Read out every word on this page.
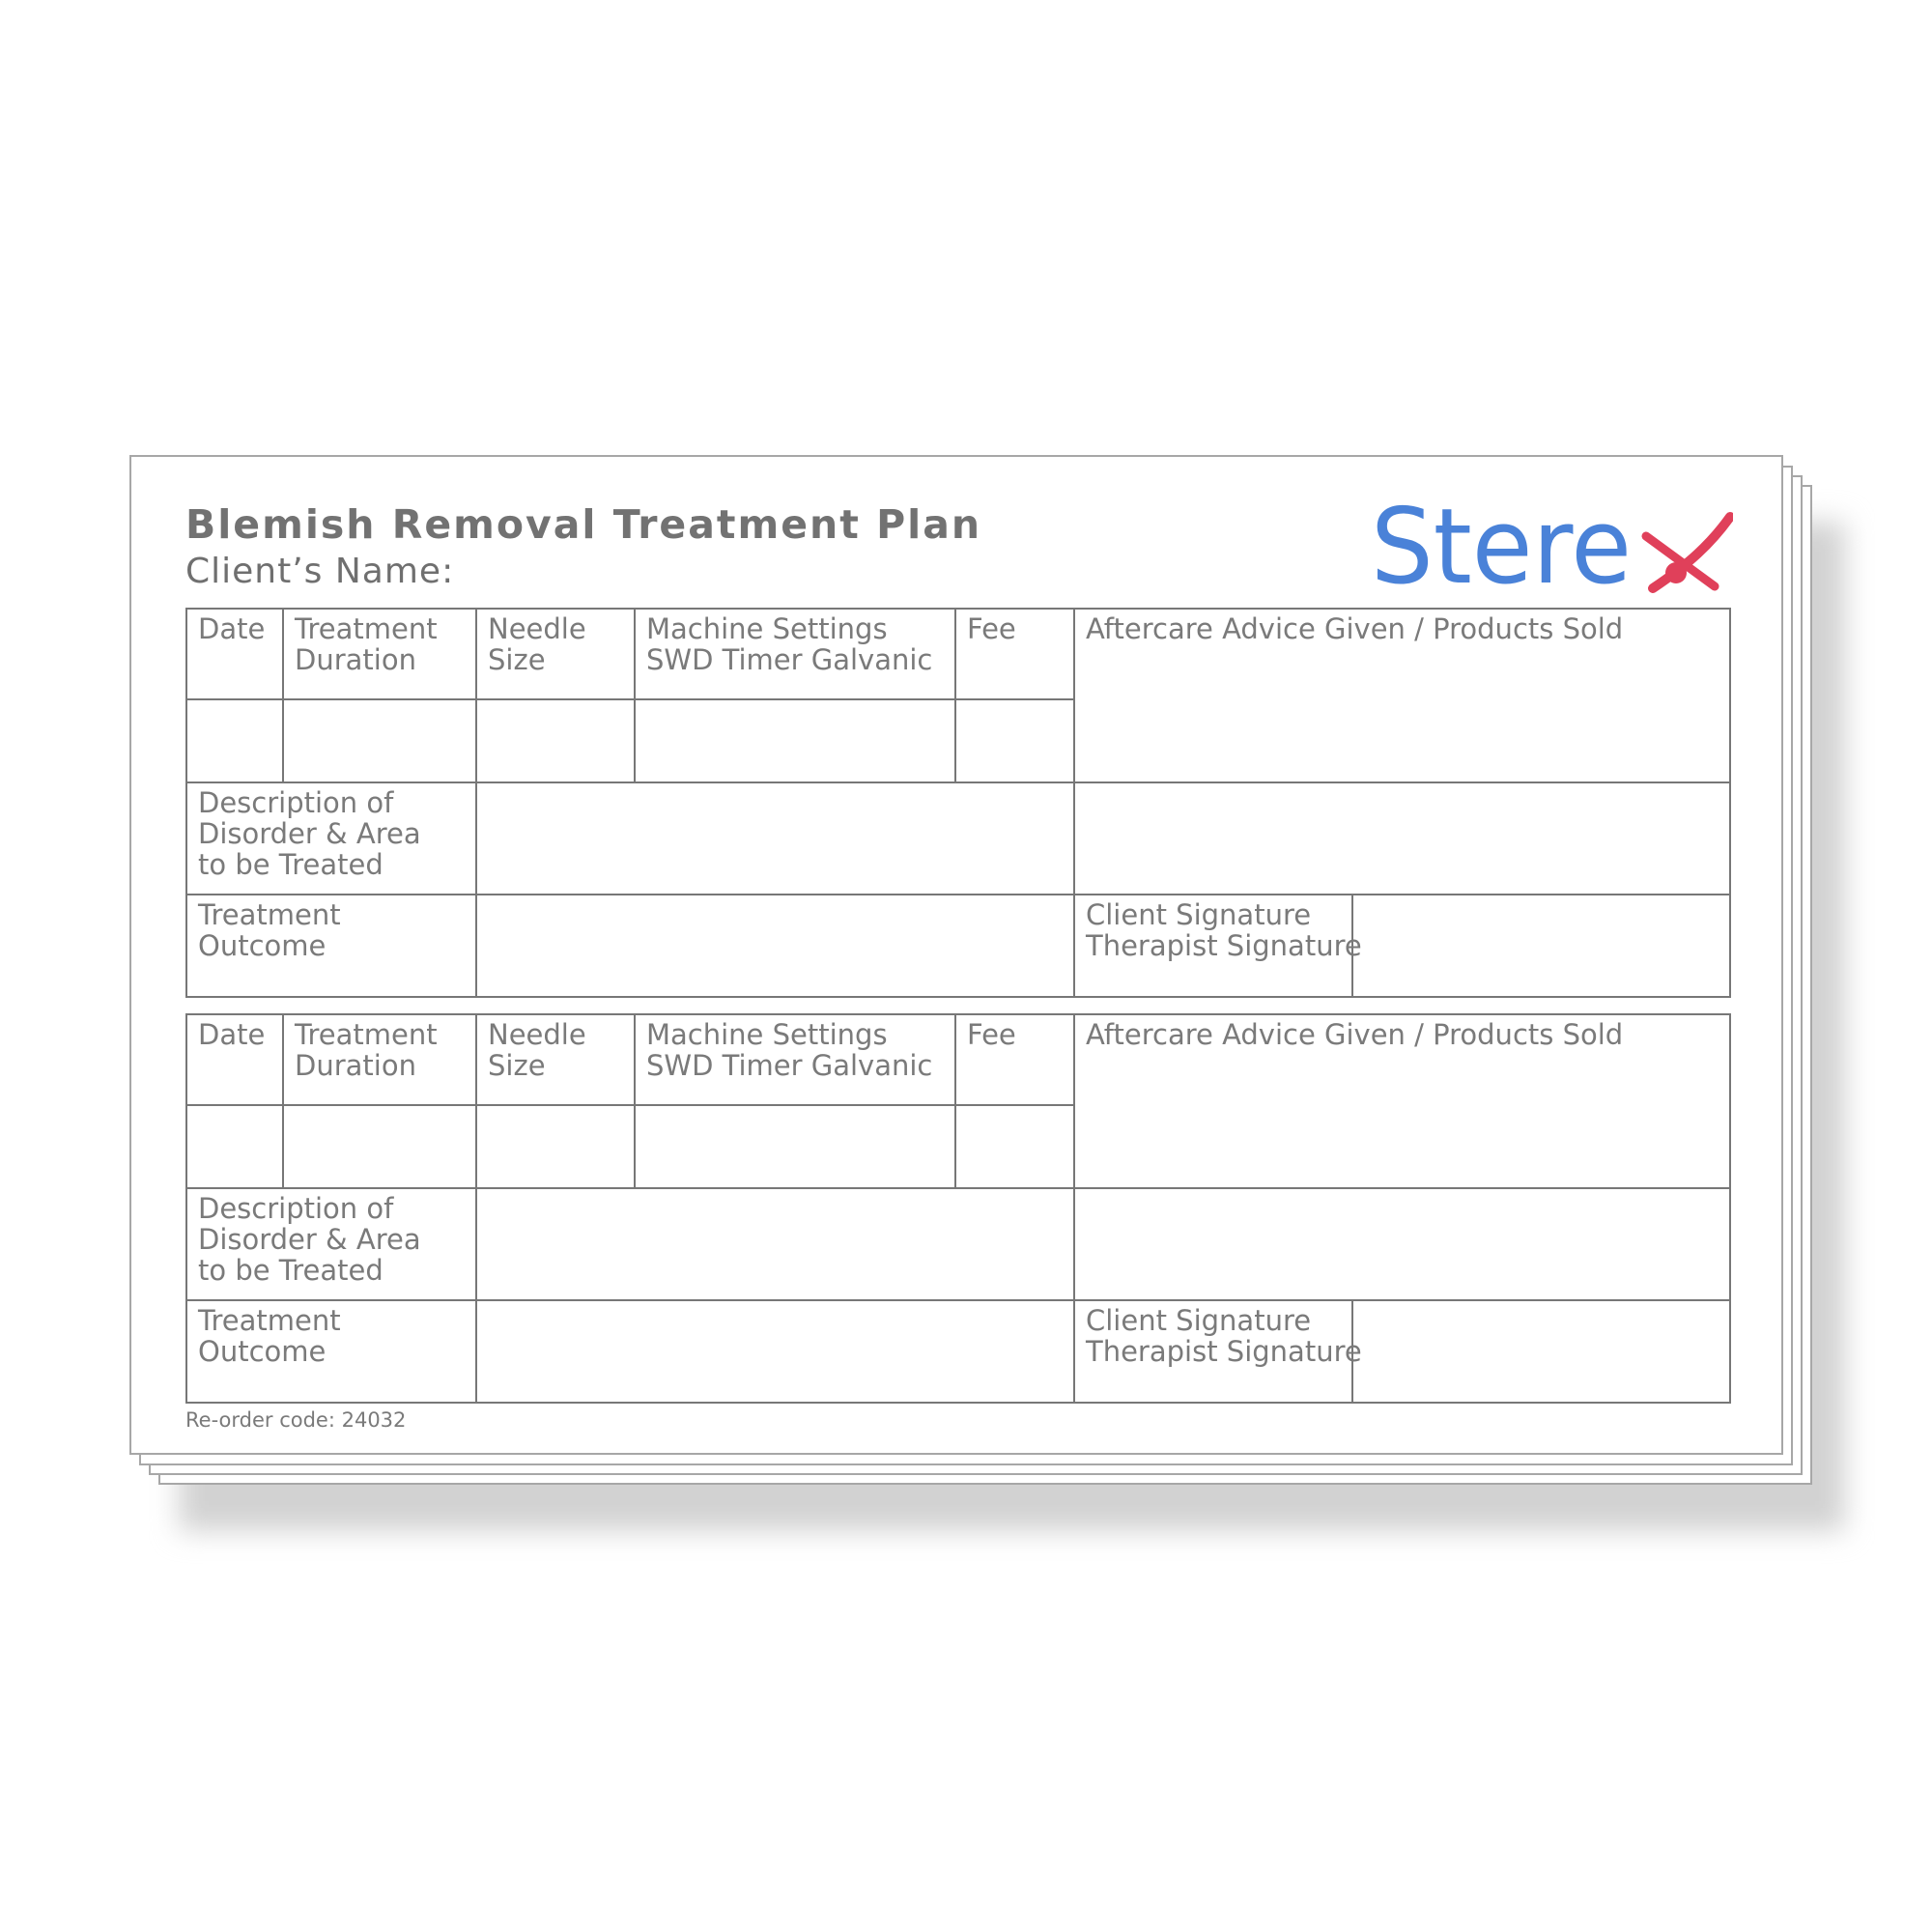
Blemish Removal Treatment Plan
Client’s Name:	Stere
Date Treatment
Duration
Needle
Size
Machine Settings
SWD Timer Galvanic
Fee Aftercare Advice Given / Products Sold
Description of
Disorder & Area
to be Treated
Treatment
Outcome
Client Signature
Therapist Signature
Date Treatment
Duration
Needle
Size
Machine Settings
SWD Timer Galvanic
Fee Aftercare Advice Given / Products Sold
Description of
Disorder & Area
to be Treated
Treatment
Outcome
Client Signature
Therapist Signature
Re-order code: 24032
